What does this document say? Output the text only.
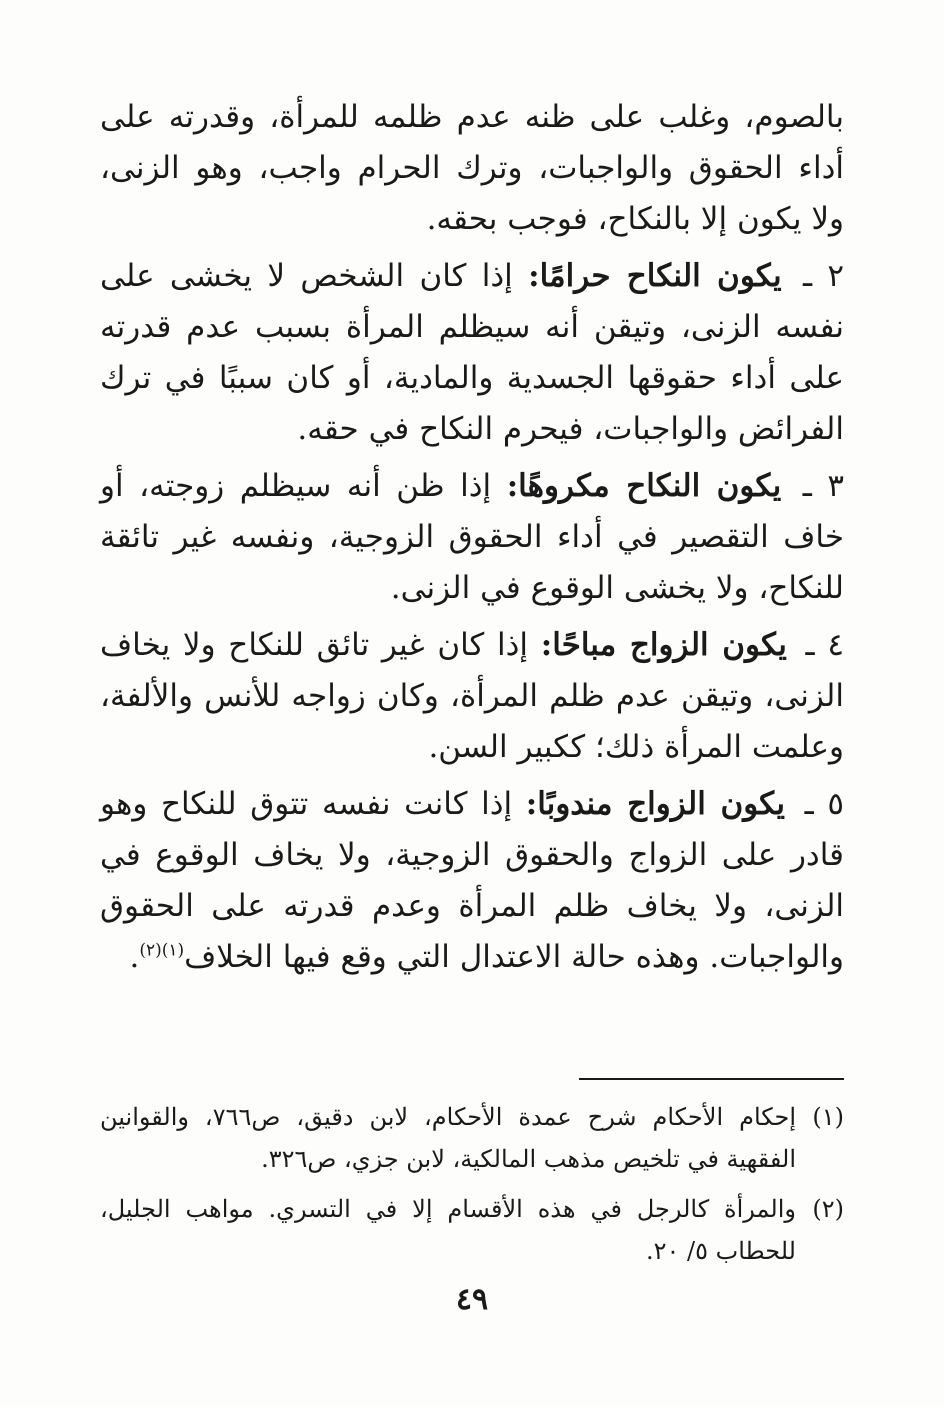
بالصوم، وغلب على ظنه عدم ظلمه للمرأة، وقدرته على أداء الحقوق والواجبات، وترك الحرام واجب، وهو الزنى، ولا يكون إلا بالنكاح، فوجب بحقه.

٢ ـ يكون النكاح حرامًا: إذا كان الشخص لا يخشى على نفسه الزنى، وتيقن أنه سيظلم المرأة بسبب عدم قدرته على أداء حقوقها الجسدية والمادية، أو كان سببًا في ترك الفرائض والواجبات، فيحرم النكاح في حقه.

٣ ـ يكون النكاح مكروهًا: إذا ظن أنه سيظلم زوجته، أو خاف التقصير في أداء الحقوق الزوجية، ونفسه غير تائقة للنكاح، ولا يخشى الوقوع في الزنى.

٤ ـ يكون الزواج مباحًا: إذا كان غير تائق للنكاح ولا يخاف الزنى، وتيقن عدم ظلم المرأة، وكان زواجه للأنس والألفة، وعلمت المرأة ذلك؛ ككبير السن.

٥ ـ يكون الزواج مندوبًا: إذا كانت نفسه تتوق للنكاح وهو قادر على الزواج والحقوق الزوجية، ولا يخاف الوقوع في الزنى، ولا يخاف ظلم المرأة وعدم قدرته على الحقوق والواجبات. وهذه حالة الاعتدال التي وقع فيها الخلاف$^{(١)(٢)}$.

(١)إحكام الأحكام شرح عمدة الأحكام، لابن دقيق، ص٧٦٦، والقوانين الفقهية في تلخيص مذهب المالكية، لابن جزي، ص٣٢٦.

(٢)والمرأة كالرجل في هذه الأقسام إلا في التسري. مواهب الجليل، للحطاب ٥/ ٢٠.

٤٩
